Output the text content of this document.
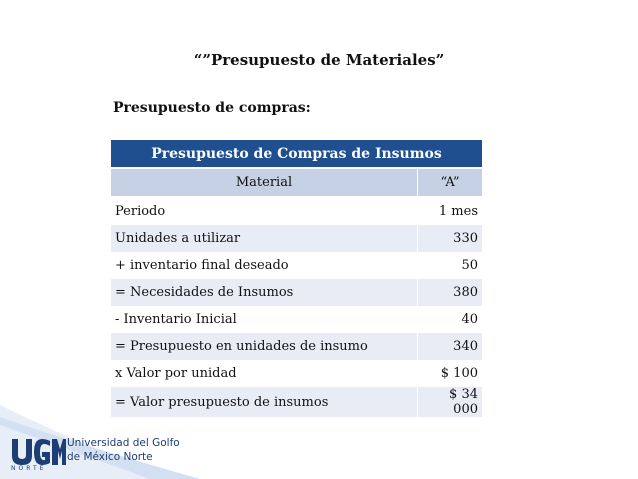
“”Presupuesto de Materiales”
Presupuesto de compras:
Presupuesto de Compras de Insumos	
Material	“A”
Periodo	1 mes
Unidades a utilizar	330
+ inventario final deseado	50
= Necesidades de Insumos	380
- Inventario Inicial	40
= Presupuesto en unidades de insumo	340
x Valor por unidad	$ 100
= Valor presupuesto de insumos	$ 34 000
Universidad del Golfo
de México Norte
NORTE
